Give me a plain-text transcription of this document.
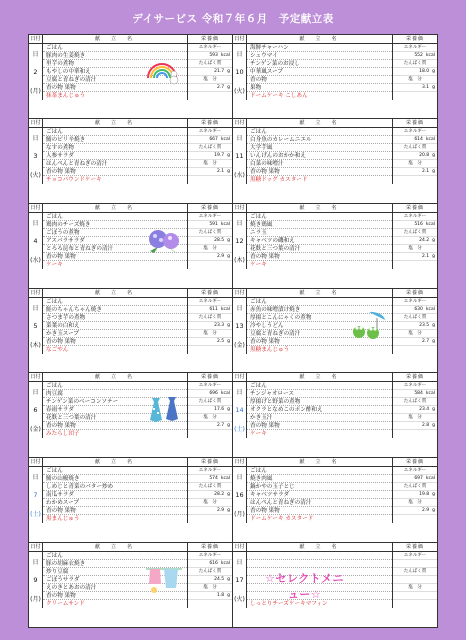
デイサービス 令和７年６月　予定献立表
日付	献　立　名	栄養価
日
2
(月)
ごはん
豚肉の生姜焼き
里芋の煮物
もやしの中華和え
豆腐と青ねぎの清汁
香の物 果物
抹茶まんじゅう
エネルギー
593 kcal
たんぱく質
21.7 g
塩　分
2.7 g
日付	献　立　名	栄養価
日
3
(火)
ごはん
鯖のピリ辛焼き
なすの煮物
人参サラダ
はんぺんと青ねぎの清汁
香の物 果物
チョコパウンドケーキ
エネルギー
667 kcal
たんぱく質
19.7 g
塩　分
2.1 g
日付	献　立　名	栄養価
日
4
(水)
ごはん
鶏肉のチーズ焼き
ごぼうの煮物
アスパラサラダ
とろろ昆布と青ねぎの清汁
香の物 果物
ケーキ
エネルギー
591 kcal
たんぱく質
28.5 g
塩　分
2.9 g
日付	献　立　名	栄養価
日
5
(木)
ごはん
鮭のちゃんちゃん焼き
さつま芋の煮物
菜葉の白和え
かき玉スープ
香の物 果物
なごやん
エネルギー
611 kcal
たんぱく質
23.3 g
塩　分
2.5 g
日付	献　立　名	栄養価
日
6
(金)
ごはん
肉豆腐
チンゲン菜のベーコンソテー
春雨サラダ
花麩と三つ葉の清汁
香の物 果物
みたらし団子
エネルギー
696 kcal
たんぱく質
17.6 g
塩　分
2.7 g
日付	献　立　名	栄養価
日
7
(土)
ごはん
鯖の山椒焼き
しめじと青菜のバター炒め
南瓜サラダ
わかめスープ
香の物 果物
黒まんじゅう
エネルギー
574 kcal
たんぱく質
28.2 g
塩　分
2.9 g
日付	献　立　名	栄養価
日
9
(月)
ごはん
豚の胡麻衣焼き
炒り豆腐
ごぼうサラダ
えのきとあおの清汁
香の物 果物
クリームサンド
エネルギー
616 kcal
たんぱく質
24.5 g
塩　分
1.8 g
日付	献　立　名	栄養価
日
10
(火)
海鮮チャーハン
シュウマイ
チンゲン菜のお浸し
中華風スープ
香の物
果物
ドームケーキ こしあん
エネルギー
552 kcal
たんぱく質
18.0 g
塩　分
3.1 g
日付	献　立　名	栄養価
日
11
(水)
ごはん
白身魚のカレームニエル
大学芋風
いんげんのおかか和え
白菜の味噌汁
香の物 果物
黒糖ドッグ カスタード
エネルギー
614 kcal
たんぱく質
20.8 g
塩　分
2.1 g
日付	献　立　名	栄養価
日
12
(木)
ごはん
焼き鶏風
ニラ玉
キャベツの磯和え
花麩と三つ葉の清汁
香の物 果物
ケーキ
エネルギー
516 kcal
たんぱく質
24.2 g
塩　分
2.1 g
日付	献　立　名	栄養価
日
13
(金)
ごはん
赤魚の味噌漬け焼き
厚揚とこんにゃくの煮物
冷やしうどん
豆腐と青ねぎの清汁
香の物 果物
黒糖まんじゅう
エネルギー
630 kcal
たんぱく質
23.5 g
塩　分
2.7 g
日付	献　立　名	栄養価
日
14
(土)
ごはん
チンジャオロース
厚揚げと野菜の煮物
オクラとなめこのポン酢和え
かき玉汁
香の物 果物
ケーキ
エネルギー
584 kcal
たんぱく質
23.4 g
塩　分
2.8 g
日付	献　立　名	栄養価
日
16
(月)
ごはん
焼き肉風
鍋かやの玉子とじ
キャベツサラダ
はんぺんと青ねぎの清汁
香の物 果物
ドームケーキ カスタード
エネルギー
697 kcal
たんぱく質
19.8 g
塩　分
2.9 g
日付	献　立　名	栄養価
日
17
(火)
しっとりチーズケーキマフィン
☆セレクトメニュー☆
エネルギー
たんぱく質
塩　分
